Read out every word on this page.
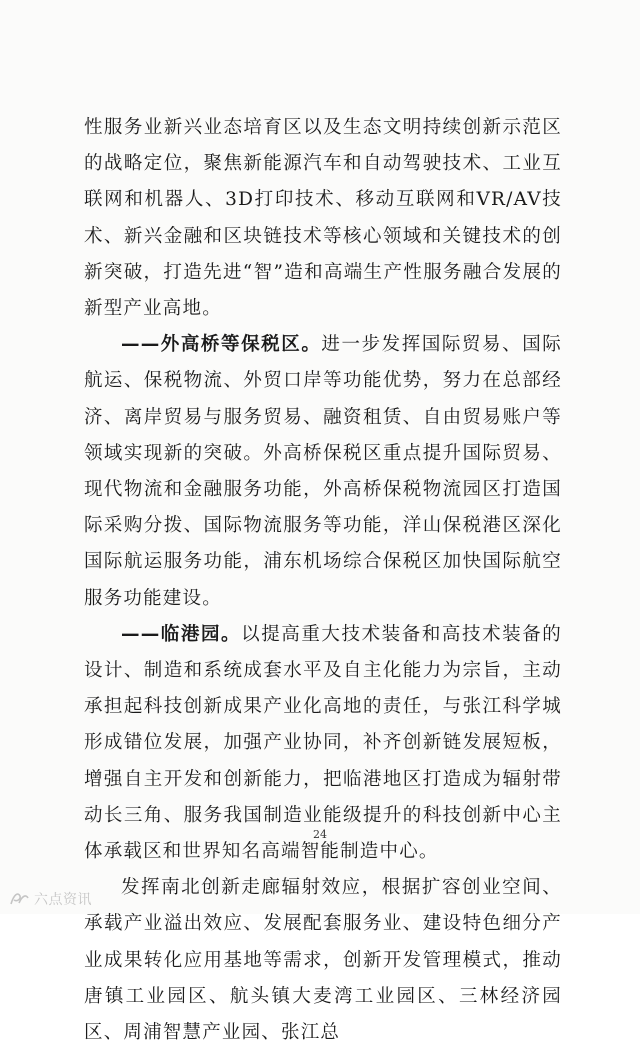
性服务业新兴业态培育区以及生态文明持续创新示范区的战略定位，聚焦新能源汽车和自动驾驶技术、工业互联网和机器人、3D打印技术、移动互联网和VR/AV技术、新兴金融和区块链技术等核心领域和关键技术的创新突破，打造先进“智”造和高端生产性服务融合发展的新型产业高地。

——外高桥等保税区。进一步发挥国际贸易、国际航运、保税物流、外贸口岸等功能优势，努力在总部经济、离岸贸易与服务贸易、融资租赁、自由贸易账户等领域实现新的突破。外高桥保税区重点提升国际贸易、现代物流和金融服务功能，外高桥保税物流园区打造国际采购分拨、国际物流服务等功能，洋山保税港区深化国际航运服务功能，浦东机场综合保税区加快国际航空服务功能建设。

——临港园。以提高重大技术装备和高技术装备的设计、制造和系统成套水平及自主化能力为宗旨，主动承担起科技创新成果产业化高地的责任，与张江科学城形成错位发展，加强产业协同，补齐创新链发展短板，增强自主开发和创新能力，把临港地区打造成为辐射带动长三角、服务我国制造业能级提升的科技创新中心主体承载区和世界知名高端智能制造中心。

发挥南北创新走廊辐射效应，根据扩容创业空间、承载产业溢出效应、发展配套服务业、建设特色细分产业成果转化应用基地等需求，创新开发管理模式，推动唐镇工业园区、航头镇大麦湾工业园区、三林经济园区、周浦智慧产业园、张江总

24
六点资讯
